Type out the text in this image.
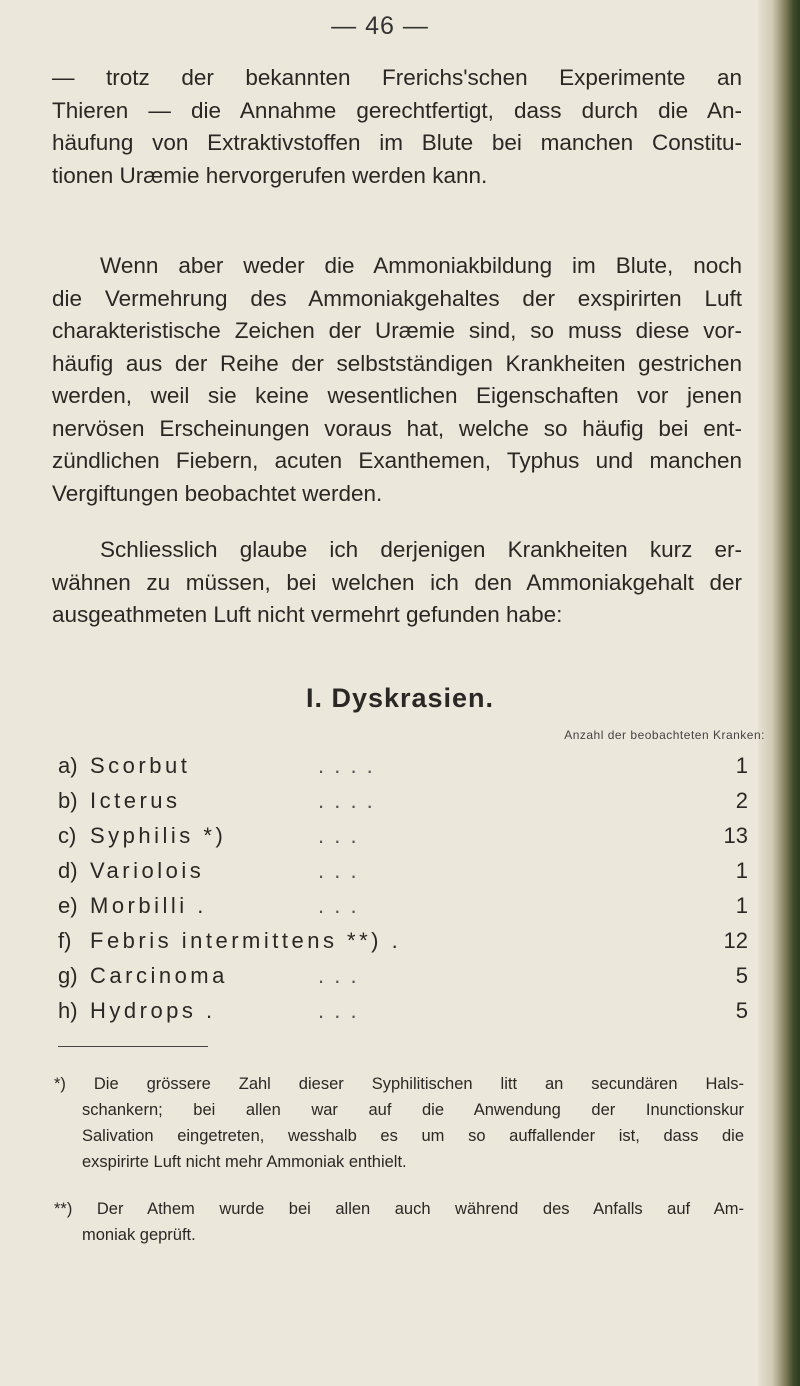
— 46 —

— trotz der bekannten Frerichs'schen Experimente an
Thieren — die Annahme gerechtfertigt, dass durch die An-
häufung von Extraktivstoffen im Blute bei manchen Constitu-
tionen Uræmie hervorgerufen werden kann.

Wenn aber weder die Ammoniakbildung im Blute, noch
die Vermehrung des Ammoniakgehaltes der exspirirten Luft
charakteristische Zeichen der Uræmie sind, so muss diese vor-
häufig aus der Reihe der selbstständigen Krankheiten gestrichen
werden, weil sie keine wesentlichen Eigenschaften vor jenen
nervösen Erscheinungen voraus hat, welche so häufig bei ent-
zündlichen Fiebern, acuten Exanthemen, Typhus und manchen
Vergiftungen beobachtet werden.

Schliesslich glaube ich derjenigen Krankheiten kurz er-
wähnen zu müssen, bei welchen ich den Ammoniakgehalt der
ausgeathmeten Luft nicht vermehrt gefunden habe:

I. Dyskrasien.
Anzahl der beobachteten Kranken:
a) Scorbut	. . . .	1
b) Icterus	. . . .	2
c) Syphilis *)	. . .	13
d) Variolois	. . .	1
e) Morbilli .	. . .	1
f) Febris intermittens **) .	12
g) Carcinoma	. . .	5
h) Hydrops .	. . .	5
*) Die grössere Zahl dieser Syphilitischen litt an secundären Hals-
schankern; bei allen war auf die Anwendung der Inunctionskur
Salivation eingetreten, wesshalb es um so auffallender ist, dass die
exspirirte Luft nicht mehr Ammoniak enthielt.
**) Der Athem wurde bei allen auch während des Anfalls auf Am-
moniak geprüft.
